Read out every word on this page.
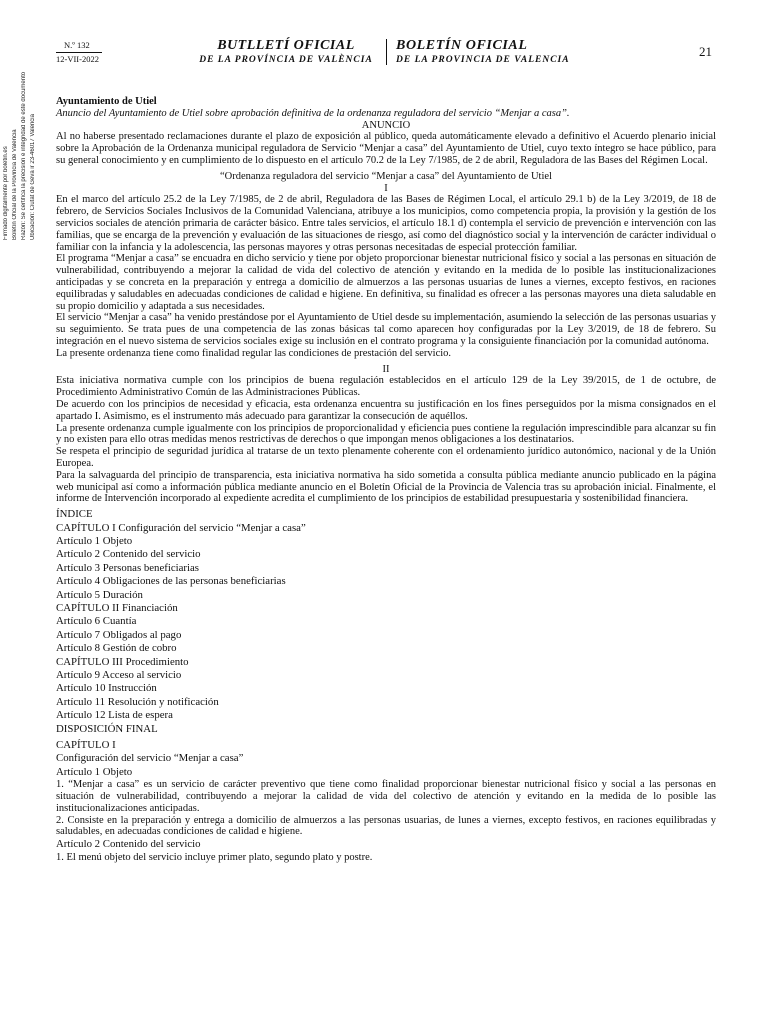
Firmado digitalmente por boletin.es Boletín Oficial de la Provincia de Valencia Razón: Se certifica la precisión e integridad de este documento Ubicación: Ciutat de Geva ir 23-46017 Valencia
N.º 132
12-VII-2022
BUTLLETÍ OFICIAL
DE LA PROVÍNCIA DE VALÈNCIA
BOLETÍN OFICIAL
DE LA PROVINCIA DE VALENCIA
21

Ayuntamiento de Utiel

Anuncio del Ayuntamiento de Utiel sobre aprobación definitiva de la ordenanza reguladora del servicio “Menjar a casa”.

ANUNCIO

Al no haberse presentado reclamaciones durante el plazo de exposición al público, queda automáticamente elevado a definitivo el Acuerdo plenario inicial sobre la Aprobación de la Ordenanza municipal reguladora de Servicio “Menjar a casa” del Ayuntamiento de Utiel, cuyo texto íntegro se hace público, para su general conocimiento y en cumplimiento de lo dispuesto en el artículo 70.2 de la Ley 7/1985, de 2 de abril, Reguladora de las Bases del Régimen Local.

“Ordenanza reguladora del servicio “Menjar a casa” del Ayuntamiento de Utiel

I

En el marco del artículo 25.2 de la Ley 7/1985, de 2 de abril, Reguladora de las Bases de Régimen Local, el artículo 29.1 b) de la Ley 3/2019, de 18 de febrero, de Servicios Sociales Inclusivos de la Comunidad Valenciana, atribuye a los municipios, como competencia propia, la provisión y la gestión de los servicios sociales de atención primaria de carácter básico. Entre tales servicios, el artículo 18.1 d) contempla el servicio de prevención e intervención con las familias, que se encarga de la prevención y evaluación de las situaciones de riesgo, así como del diagnóstico social y la intervención de carácter individual o familiar con la infancia y la adolescencia, las personas mayores y otras personas necesitadas de especial protección familiar.

El programa “Menjar a casa” se encuadra en dicho servicio y tiene por objeto proporcionar bienestar nutricional físico y social a las personas en situación de vulnerabilidad, contribuyendo a mejorar la calidad de vida del colectivo de atención y evitando en la medida de lo posible las institucionalizaciones anticipadas y se concreta en la preparación y entrega a domicilio de almuerzos a las personas usuarias de lunes a viernes, excepto festivos, en raciones equilibradas y saludables en adecuadas condiciones de calidad e higiene. En definitiva, su finalidad es ofrecer a las personas mayores una dieta saludable en su propio domicilio y adaptada a sus necesidades.

El servicio “Menjar a casa” ha venido prestándose por el Ayuntamiento de Utiel desde su implementación, asumiendo la selección de las personas usuarias y su seguimiento. Se trata pues de una competencia de las zonas básicas tal como aparecen hoy configuradas por la Ley 3/2019, de 18 de febrero. Su integración en el nuevo sistema de servicios sociales exige su inclusión en el contrato programa y la consiguiente financiación por la comunidad autónoma.

La presente ordenanza tiene como finalidad regular las condiciones de prestación del servicio.

II

Esta iniciativa normativa cumple con los principios de buena regulación establecidos en el artículo 129 de la Ley 39/2015, de 1 de octubre, de Procedimiento Administrativo Común de las Administraciones Públicas.

De acuerdo con los principios de necesidad y eficacia, esta ordenanza encuentra su justificación en los fines perseguidos por la misma consignados en el apartado I. Asimismo, es el instrumento más adecuado para garantizar la consecución de aquéllos.

La presente ordenanza cumple igualmente con los principios de proporcionalidad y eficiencia pues contiene la regulación imprescindible para alcanzar su fin y no existen para ello otras medidas menos restrictivas de derechos o que impongan menos obligaciones a los destinatarios.

Se respeta el principio de seguridad jurídica al tratarse de un texto plenamente coherente con el ordenamiento jurídico autonómico, nacional y de la Unión Europea.

Para la salvaguarda del principio de transparencia, esta iniciativa normativa ha sido sometida a consulta pública mediante anuncio publicado en la página web municipal así como a información pública mediante anuncio en el Boletín Oficial de la Provincia de Valencia tras su aprobación inicial. Finalmente, el informe de Intervención incorporado al expediente acredita el cumplimiento de los principios de estabilidad presupuestaria y sostenibilidad financiera.

ÍNDICE

CAPÍTULO I Configuración del servicio “Menjar a casa”

Artículo 1 Objeto

Artículo 2 Contenido del servicio

Artículo 3 Personas beneficiarias

Artículo 4 Obligaciones de las personas beneficiarias

Artículo 5 Duración

CAPÍTULO II Financiación

Artículo 6 Cuantía

Artículo 7 Obligados al pago

Artículo 8 Gestión de cobro

CAPÍTULO III Procedimiento

Artículo 9 Acceso al servicio

Artículo 10 Instrucción

Artículo 11 Resolución y notificación

Artículo 12 Lista de espera

DISPOSICIÓN FINAL

CAPÍTULO I

Configuración del servicio “Menjar a casa”

Artículo 1 Objeto

1. “Menjar a casa” es un servicio de carácter preventivo que tiene como finalidad proporcionar bienestar nutricional físico y social a las personas en situación de vulnerabilidad, contribuyendo a mejorar la calidad de vida del colectivo de atención y evitando en la medida de lo posible las institucionalizaciones anticipadas.

2. Consiste en la preparación y entrega a domicilio de almuerzos a las personas usuarias, de lunes a viernes, excepto festivos, en raciones equilibradas y saludables, en adecuadas condiciones de calidad e higiene.

Artículo 2 Contenido del servicio

1. El menú objeto del servicio incluye primer plato, segundo plato y postre.
